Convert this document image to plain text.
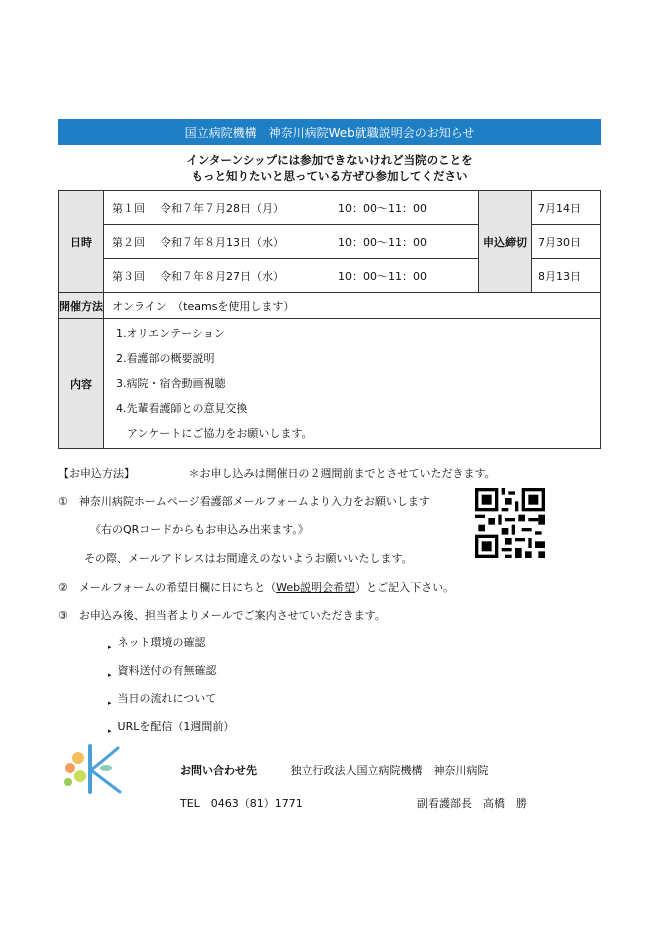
国立病院機構　神奈川病院Web就職説明会のお知らせ
インターンシップには参加できないけれど当院のことを
もっと知りたいと思っている方ぜひ参加してください
日時	第１回 令和７年７月28日（月） 10：00～11：00	申込締切	7月14日

	第２回 令和７年８月13日（水） 10：00～11：00		7月30日

	第３回 令和７年８月27日（水） 10：00～11：00		8月13日
開催方法	オンライン　（teamsを使用します）		
内容	1.オリエンテーション
2.看護部の概要説明
3.病院・宿舎動画視聴
4.先輩看護師との意見交換
　アンケートにご協力をお願いします。		
【お申込方法】	＊お申し込みは開催日の２週間前までとさせていただきます。
①　神奈川病院ホームページ看護部メールフォームより入力をお願いします
《右のQRコードからもお申込み出来ます。》
その際、メールアドレスはお間違えのないようお願いいたします。
②　メールフォームの希望日欄に日にちと（Web説明会希望）とご記入下さい。
③　お申込み後、担当者よりメールでご案内させていただきます。
▸ ネット環境の確認
▸ 資料送付の有無確認
▸ 当日の流れについて
▸ URLを配信（1週間前）
お問い合わせ先	独立行政法人国立病院機構　神奈川病院
TEL　0463（81）1771	副看護部長　高橋　勝
